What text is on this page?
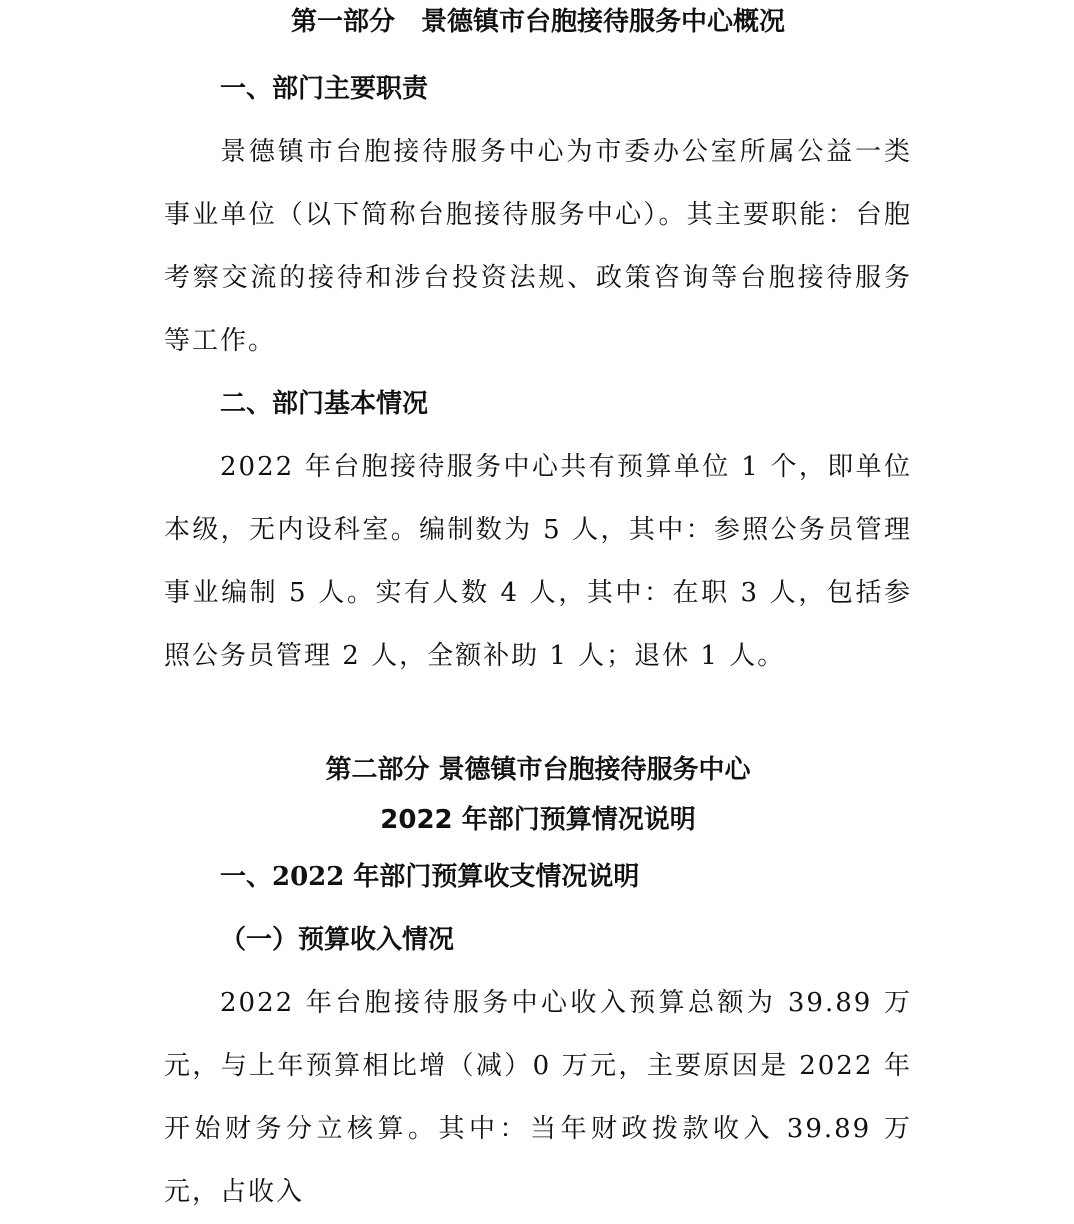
第一部分　景德镇市台胞接待服务中心概况
一、部门主要职责

景德镇市台胞接待服务中心为市委办公室所属公益一类事业单位（以下简称台胞接待服务中心）。其主要职能：台胞考察交流的接待和涉台投资法规、政策咨询等台胞接待服务等工作。

二、部门基本情况

2022 年台胞接待服务中心共有预算单位 1 个，即单位本级，无内设科室。编制数为 5 人，其中：参照公务员管理事业编制 5 人。实有人数 4 人，其中：在职 3 人，包括参照公务员管理 2 人，全额补助 1 人；退休 1 人。

第二部分 景德镇市台胞接待服务中心
2022 年部门预算情况说明
一、2022 年部门预算收支情况说明
（一）预算收入情况

2022 年台胞接待服务中心收入预算总额为 39.89 万元，与上年预算相比增（减）0 万元，主要原因是 2022 年开始财务分立核算。其中：当年财政拨款收入 39.89 万元，占收入
